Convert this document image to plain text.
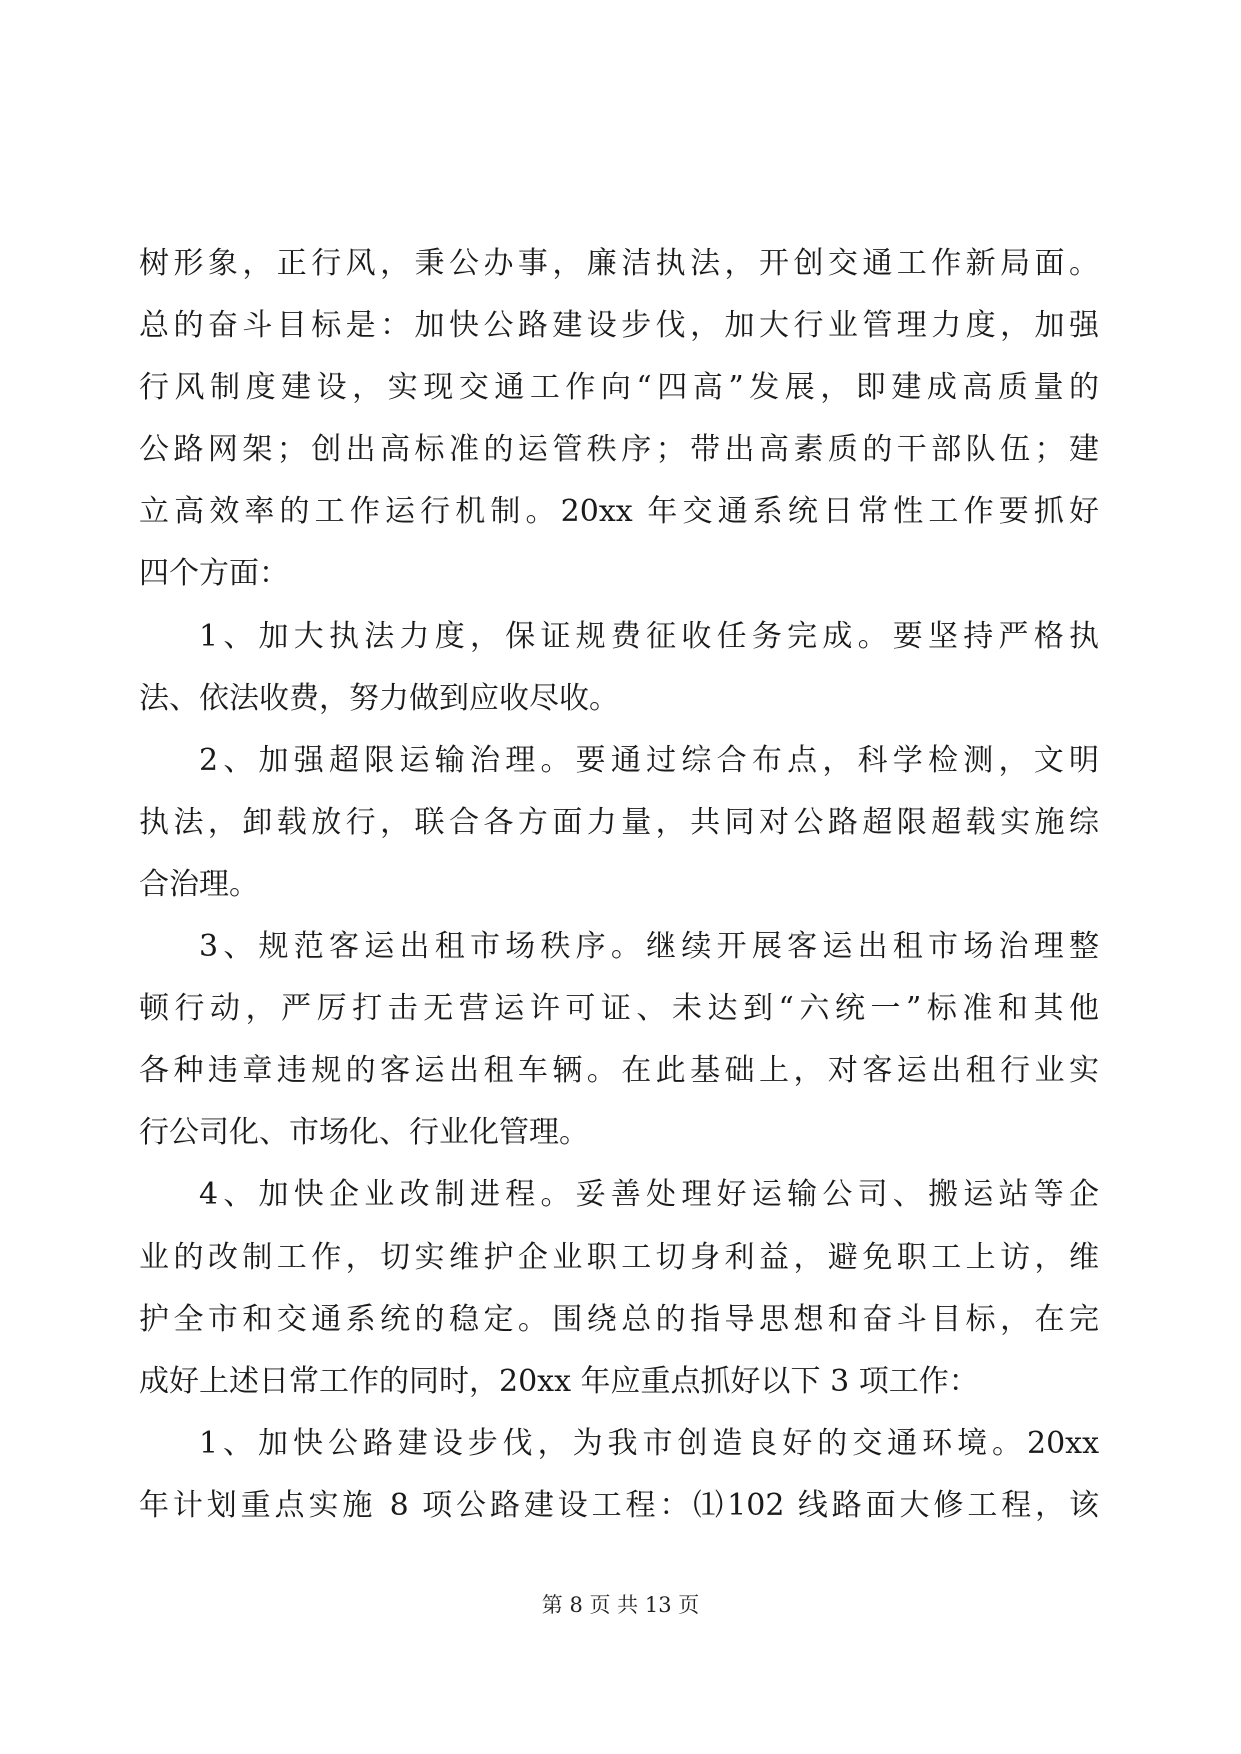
树形象，正行风，秉公办事，廉洁执法，开创交通工作新局面。
总的奋斗目标是：加快公路建设步伐，加大行业管理力度，加强
行风制度建设，实现交通工作向“四高”发展，即建成高质量的
公路网架；创出高标准的运管秩序；带出高素质的干部队伍；建
立高效率的工作运行机制。20xx 年交通系统日常性工作要抓好
四个方面：
1、加大执法力度，保证规费征收任务完成。要坚持严格执
法、依法收费，努力做到应收尽收。
2、加强超限运输治理。要通过综合布点，科学检测，文明
执法，卸载放行，联合各方面力量，共同对公路超限超载实施综
合治理。
3、规范客运出租市场秩序。继续开展客运出租市场治理整
顿行动，严厉打击无营运许可证、未达到“六统一”标准和其他
各种违章违规的客运出租车辆。在此基础上，对客运出租行业实
行公司化、市场化、行业化管理。
4、加快企业改制进程。妥善处理好运输公司、搬运站等企
业的改制工作，切实维护企业职工切身利益，避免职工上访，维
护全市和交通系统的稳定。围绕总的指导思想和奋斗目标，在完
成好上述日常工作的同时，20xx 年应重点抓好以下 3 项工作：
1、加快公路建设步伐，为我市创造良好的交通环境。20xx
年计划重点实施 8 项公路建设工程：⑴102 线路面大修工程，该
第 8 页 共 13 页
